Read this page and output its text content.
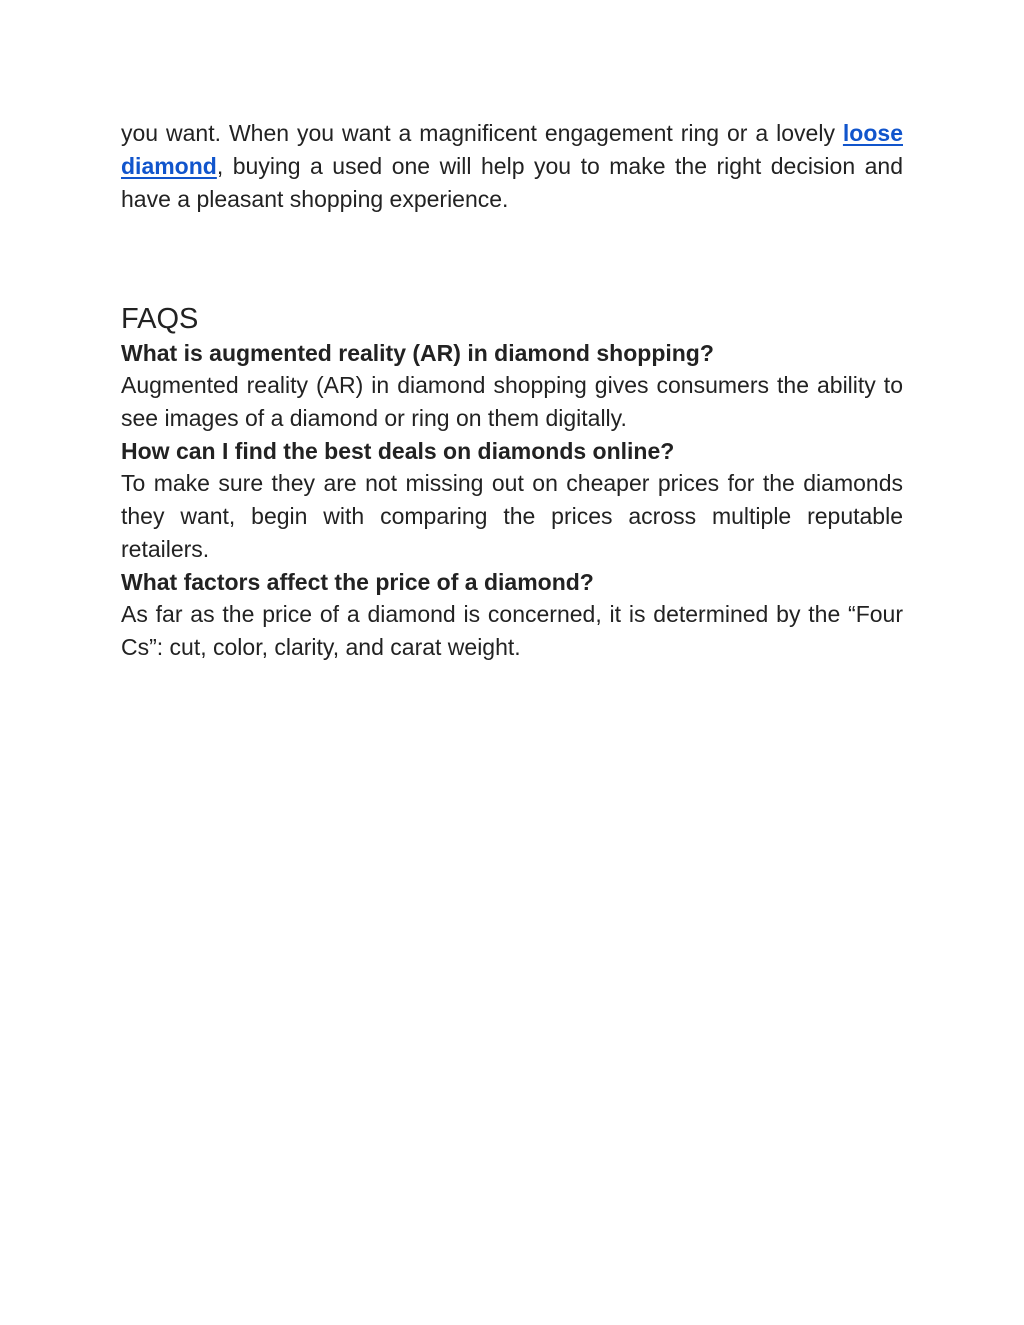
you want. When you want a magnificent engagement ring or a lovely loose diamond, buying a used one will help you to make the right decision and have a pleasant shopping experience.

FAQS
What is augmented reality (AR) in diamond shopping?

Augmented reality (AR) in diamond shopping gives consumers the ability to see images of a diamond or ring on them digitally.

How can I find the best deals on diamonds online?

To make sure they are not missing out on cheaper prices for the diamonds they want, begin with comparing the prices across multiple reputable retailers.

What factors affect the price of a diamond?

As far as the price of a diamond is concerned, it is determined by the “Four Cs”: cut, color, clarity, and carat weight.
